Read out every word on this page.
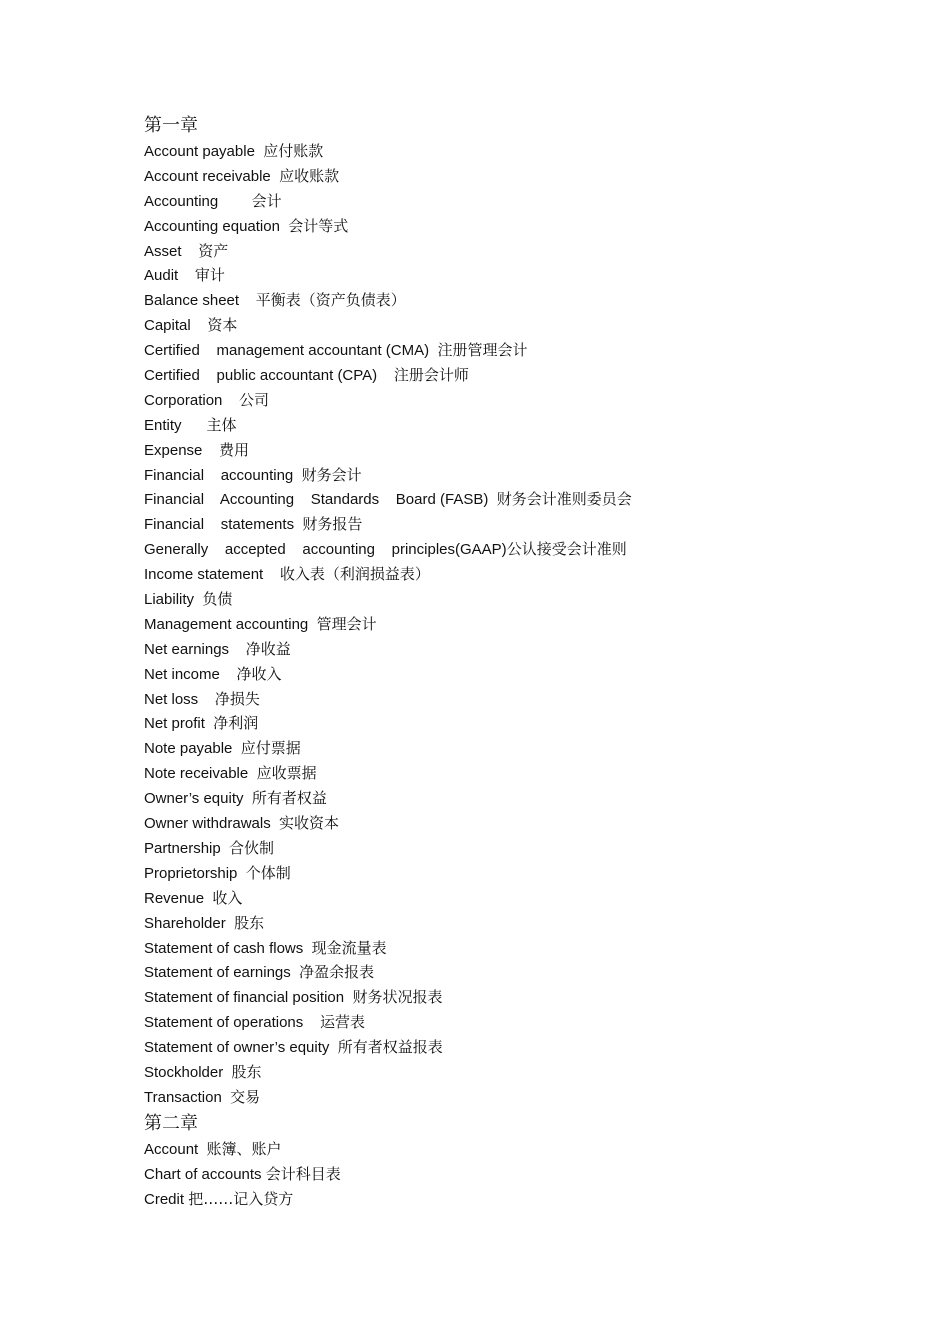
第一章
Account payable  应付账款
Account receivable  应收账款
Accounting        会计
Accounting equation  会计等式
Asset    资产
Audit    审计
Balance sheet    平衡表（资产负债表）
Capital    资本
Certified    management accountant (CMA)  注册管理会计
Certified    public accountant (CPA)    注册会计师
Corporation    公司
Entity      主体
Expense    费用
Financial    accounting  财务会计
Financial    Accounting    Standards    Board (FASB)  财务会计准则委员会
Financial    statements  财务报告
Generally    accepted    accounting    principles(GAAP)公认接受会计准则
Income statement    收入表（利润损益表）
Liability  负债
Management accounting  管理会计
Net earnings    净收益
Net income    净收入
Net loss    净损失
Net profit  净利润
Note payable  应付票据
Note receivable  应收票据
Owner’s equity  所有者权益
Owner withdrawals  实收资本
Partnership  合伙制
Proprietorship  个体制
Revenue  收入
Shareholder  股东
Statement of cash flows  现金流量表
Statement of earnings  净盈余报表
Statement of financial position  财务状况报表
Statement of operations    运营表
Statement of owner’s equity  所有者权益报表
Stockholder  股东
Transaction  交易
第二章
Account  账簿、账户
Chart of accounts 会计科目表
Credit 把……记入贷方
